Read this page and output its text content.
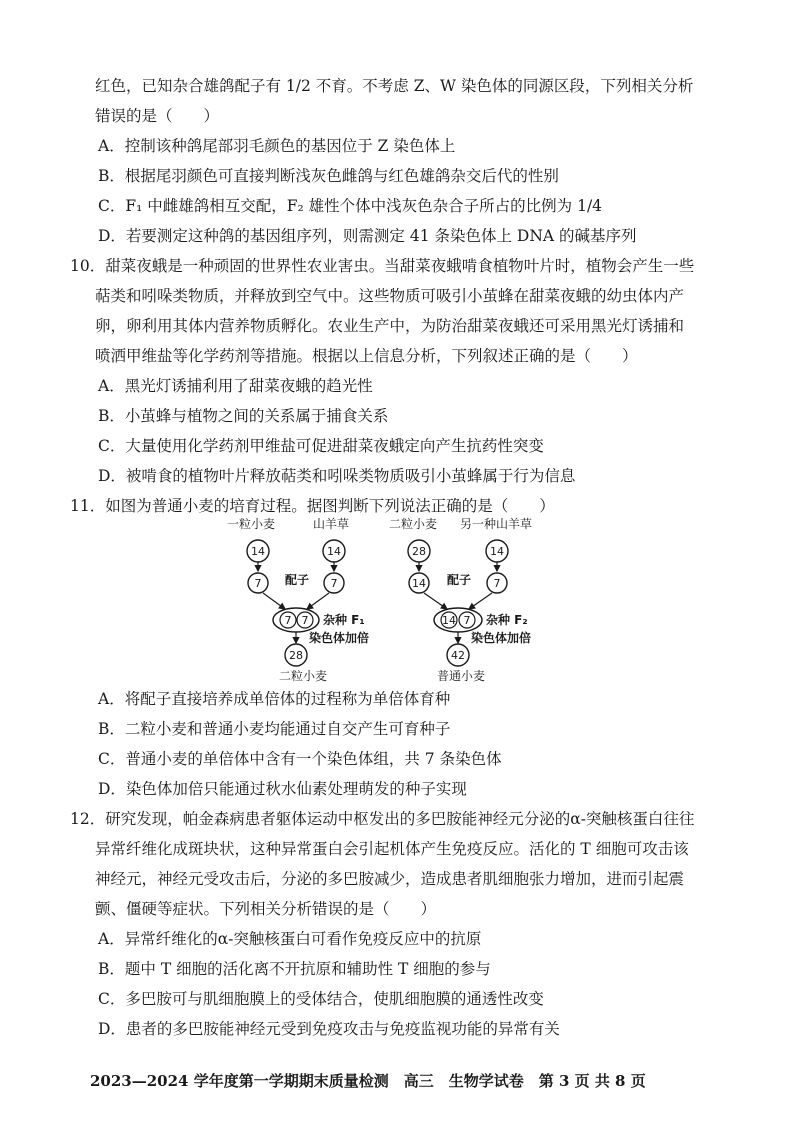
红色，已知杂合雄鸽配子有 1/2 不育。不考虑 Z、W 染色体的同源区段，下列相关分析
错误的是（　　）
A．控制该种鸽尾部羽毛颜色的基因位于 Z 染色体上
B．根据尾羽颜色可直接判断浅灰色雌鸽与红色雄鸽杂交后代的性别
C．F₁ 中雌雄鸽相互交配，F₂ 雄性个体中浅灰色杂合子所占的比例为 1/4
D．若要测定这种鸽的基因组序列，则需测定 41 条染色体上 DNA 的碱基序列
10．甜菜夜蛾是一种顽固的世界性农业害虫。当甜菜夜蛾啃食植物叶片时，植物会产生一些
萜类和吲哚类物质，并释放到空气中。这些物质可吸引小茧蜂在甜菜夜蛾的幼虫体内产
卵，卵利用其体内营养物质孵化。农业生产中，为防治甜菜夜蛾还可采用黑光灯诱捕和
喷洒甲维盐等化学药剂等措施。根据以上信息分析，下列叙述正确的是（　　）
A．黑光灯诱捕利用了甜菜夜蛾的趋光性
B．小茧蜂与植物之间的关系属于捕食关系
C．大量使用化学药剂甲维盐可促进甜菜夜蛾定向产生抗药性突变
D．被啃食的植物叶片释放萜类和吲哚类物质吸引小茧蜂属于行为信息
11．如图为普通小麦的培育过程。据图判断下列说法正确的是（　　）
一粒小麦	山羊草
14	14
7	7
配子
7 7 杂种 F₁
染色体加倍
28
二粒小麦
二粒小麦 另一种山羊草
28	14
14	7
配子
14 7 杂种 F₂
染色体加倍
42
普通小麦
A．将配子直接培养成单倍体的过程称为单倍体育种
B．二粒小麦和普通小麦均能通过自交产生可育种子
C．普通小麦的单倍体中含有一个染色体组，共 7 条染色体
D．染色体加倍只能通过秋水仙素处理萌发的种子实现
12．研究发现，帕金森病患者躯体运动中枢发出的多巴胺能神经元分泌的α-突触核蛋白往往
异常纤维化成斑块状，这种异常蛋白会引起机体产生免疫反应。活化的 T 细胞可攻击该
神经元，神经元受攻击后，分泌的多巴胺减少，造成患者肌细胞张力增加，进而引起震
颤、僵硬等症状。下列相关分析错误的是（　　）
A．异常纤维化的α-突触核蛋白可看作免疫反应中的抗原
B．题中 T 细胞的活化离不开抗原和辅助性 T 细胞的参与
C．多巴胺可与肌细胞膜上的受体结合，使肌细胞膜的通透性改变
D．患者的多巴胺能神经元受到免疫攻击与免疫监视功能的异常有关
2023—2024 学年度第一学期期末质量检测　高三　生物学试卷　第 3 页 共 8 页
